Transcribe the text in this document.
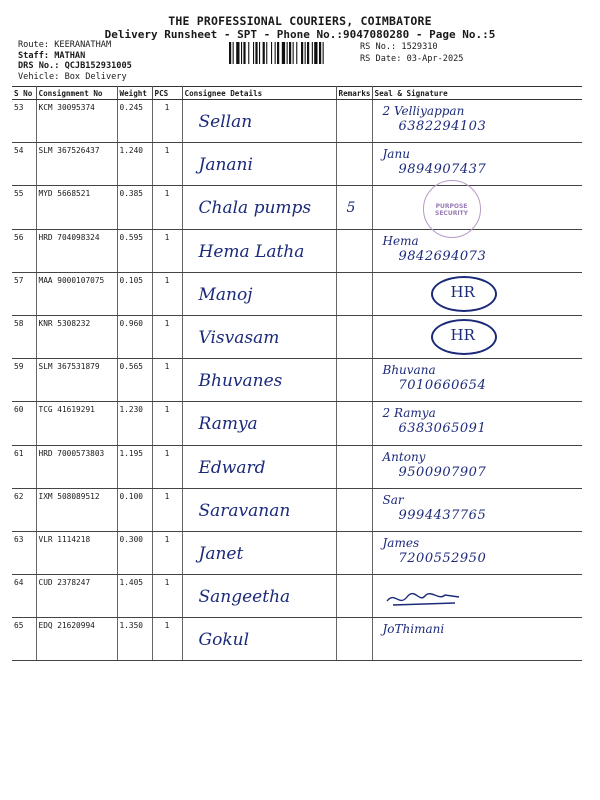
THE PROFESSIONAL COURIERS, COIMBATORE
Delivery Runsheet - SPT - Phone No.:9047080280 - Page No.:5
Route: KEERANATHAM
Staff: MATHAN
DRS No.: QCJB152931005
Vehicle: Box Delivery
RS No.: 1529310
RS Date: 03-Apr-2025
S No	Consignment No	Weight	PCS	Consignee Details	Remarks	Seal & Signature
53	KCM 30095374	0.245	1	Sellan		2 Velliyappan
6382294103

54	SLM 367526437	1.240	1	Janani		Janu
9894907437

55	MYD 5668521	0.385	1	Chala pumps	5	PURPOSE SECURITY

56	HRD 704098324	0.595	1	Hema Latha		Hema
9842694073

57	MAA 9000107075	0.105	1	Manoj		HR

58	KNR 5308232	0.960	1	Visvasam		HR

59	SLM 367531879	0.565	1	Bhuvanes		Bhuvana
7010660654

60	TCG 41619291	1.230	1	Ramya		2 Ramya
6383065091

61	HRD 7000573803	1.195	1	Edward		Antony
9500907907

62	IXM 508089512	0.100	1	Saravanan		Sar
9994437765

63	VLR 1114218	0.300	1	Janet		James
7200552950

64	CUD 2378247	1.405	1	Sangeetha

65	EDQ 21620994	1.350	1	Gokul		JoThimani
